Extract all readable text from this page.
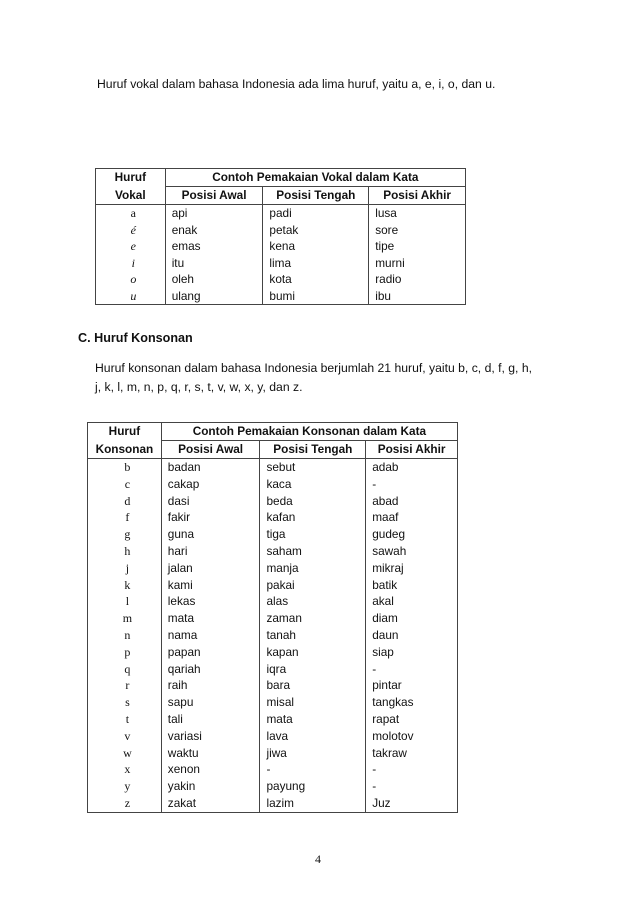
Huruf vokal dalam bahasa Indonesia ada lima huruf, yaitu a, e, i, o, dan u.
Huruf	Contoh Pemakaian Vokal dalam Kata		
Vokal	Posisi Awal	Posisi Tengah	Posisi Akhir
a	api	padi	lusa
é	enak	petak	sore
e	emas	kena	tipe
i	itu	lima	murni
o	oleh	kota	radio
u	ulang	bumi	ibu
C. Huruf Konsonan
Huruf konsonan dalam bahasa Indonesia berjumlah 21 huruf, yaitu b, c, d, f, g, h,
j, k, l, m, n, p, q, r, s, t, v, w, x, y, dan z.
Huruf	Contoh Pemakaian Konsonan dalam Kata		
Konsonan	Posisi Awal	Posisi Tengah	Posisi Akhir
b	badan	sebut	adab
c	cakap	kaca	-
d	dasi	beda	abad
f	fakir	kafan	maaf
g	guna	tiga	gudeg
h	hari	saham	sawah
j	jalan	manja	mikraj
k	kami	pakai	batik
l	lekas	alas	akal
m	mata	zaman	diam
n	nama	tanah	daun
p	papan	kapan	siap
q	qariah	iqra	-
r	raih	bara	pintar
s	sapu	misal	tangkas
t	tali	mata	rapat
v	variasi	lava	molotov
w	waktu	jiwa	takraw
x	xenon	-	-
y	yakin	payung	-
z	zakat	lazim	Juz
4
